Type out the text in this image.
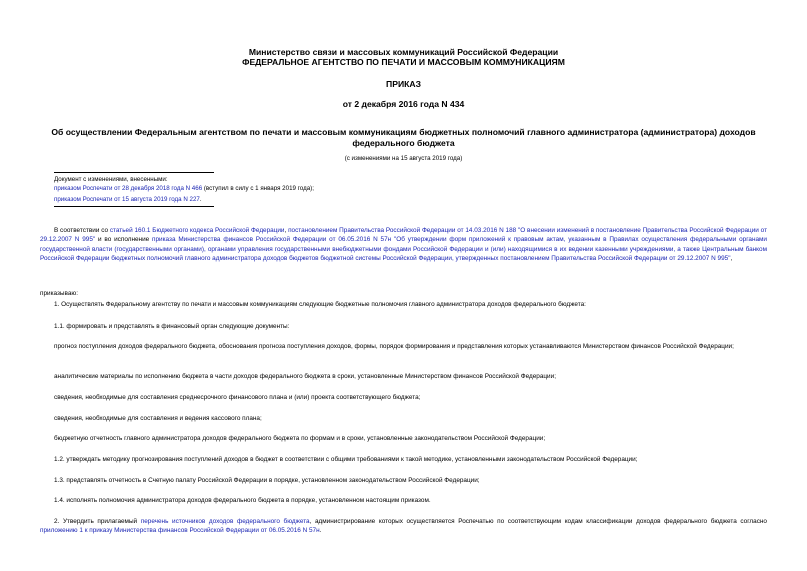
Министерство связи и массовых коммуникаций Российской Федерации
ФЕДЕРАЛЬНОЕ АГЕНТСТВО ПО ПЕЧАТИ И МАССОВЫМ КОММУНИКАЦИЯМ
ПРИКАЗ
от 2 декабря 2016 года N 434
Об осуществлении Федеральным агентством по печати и массовым коммуникациям бюджетных полномочий главного администратора (администратора) доходов федерального бюджета
(с изменениями на 15 августа 2019 года)
Документ с изменениями, внесенными:
приказом Роспечати от 28 декабря 2018 года N 466 (вступил в силу с 1 января 2019 года);
приказом Роспечати от 15 августа 2019 года N 227.
В соответствии со статьей 160.1 Бюджетного кодекса Российской Федерации, постановлением Правительства Российской Федерации от 14.03.2016 N 188 "О внесении изменений в постановление Правительства Российской Федерации от 29.12.2007 N 995" и во исполнение приказа Министерства финансов Российской Федерации от 06.05.2016 N 57н "Об утверждении форм приложений к правовым актам, указанным в Правилах осуществления федеральными органами государственной власти (государственными органами), органами управления государственными внебюджетными фондами Российской Федерации и (или) находящимися в их ведении казенными учреждениями, а также Центральным банком Российской Федерации бюджетных полномочий главного администратора доходов бюджетов бюджетной системы Российской Федерации, утвержденных постановлением Правительства Российской Федерации от 29.12.2007 N 995",
приказываю:
1. Осуществлять Федеральному агентству по печати и массовым коммуникациям следующие бюджетные полномочия главного администратора доходов федерального бюджета:
1.1. формировать и представлять в финансовый орган следующие документы:
прогноз поступления доходов федерального бюджета, обоснования прогноза поступления доходов, формы, порядок формирования и представления которых устанавливаются Министерством финансов Российской Федерации;
аналитические материалы по исполнению бюджета в части доходов федерального бюджета в сроки, установленные Министерством финансов Российской Федерации;
сведения, необходимые для составления среднесрочного финансового плана и (или) проекта соответствующего бюджета;
сведения, необходимые для составления и ведения кассового плана;
бюджетную отчетность главного администратора доходов федерального бюджета по формам и в сроки, установленные законодательством Российской Федерации;
1.2. утверждать методику прогнозирования поступлений доходов в бюджет в соответствии с общими требованиями к такой методике, установленными законодательством Российской Федерации;
1.3. представлять отчетность в Счетную палату Российской Федерации в порядке, установленном законодательством Российской Федерации;
1.4. исполнять полномочия администратора доходов федерального бюджета в порядке, установленном настоящим приказом.
2. Утвердить прилагаемый перечень источников доходов федерального бюджета, администрирование которых осуществляется Роспечатью по соответствующим кодам классификации доходов федерального бюджета согласно приложению 1 к приказу Министерства финансов Российской Федерации от 06.05.2016 N 57н.
